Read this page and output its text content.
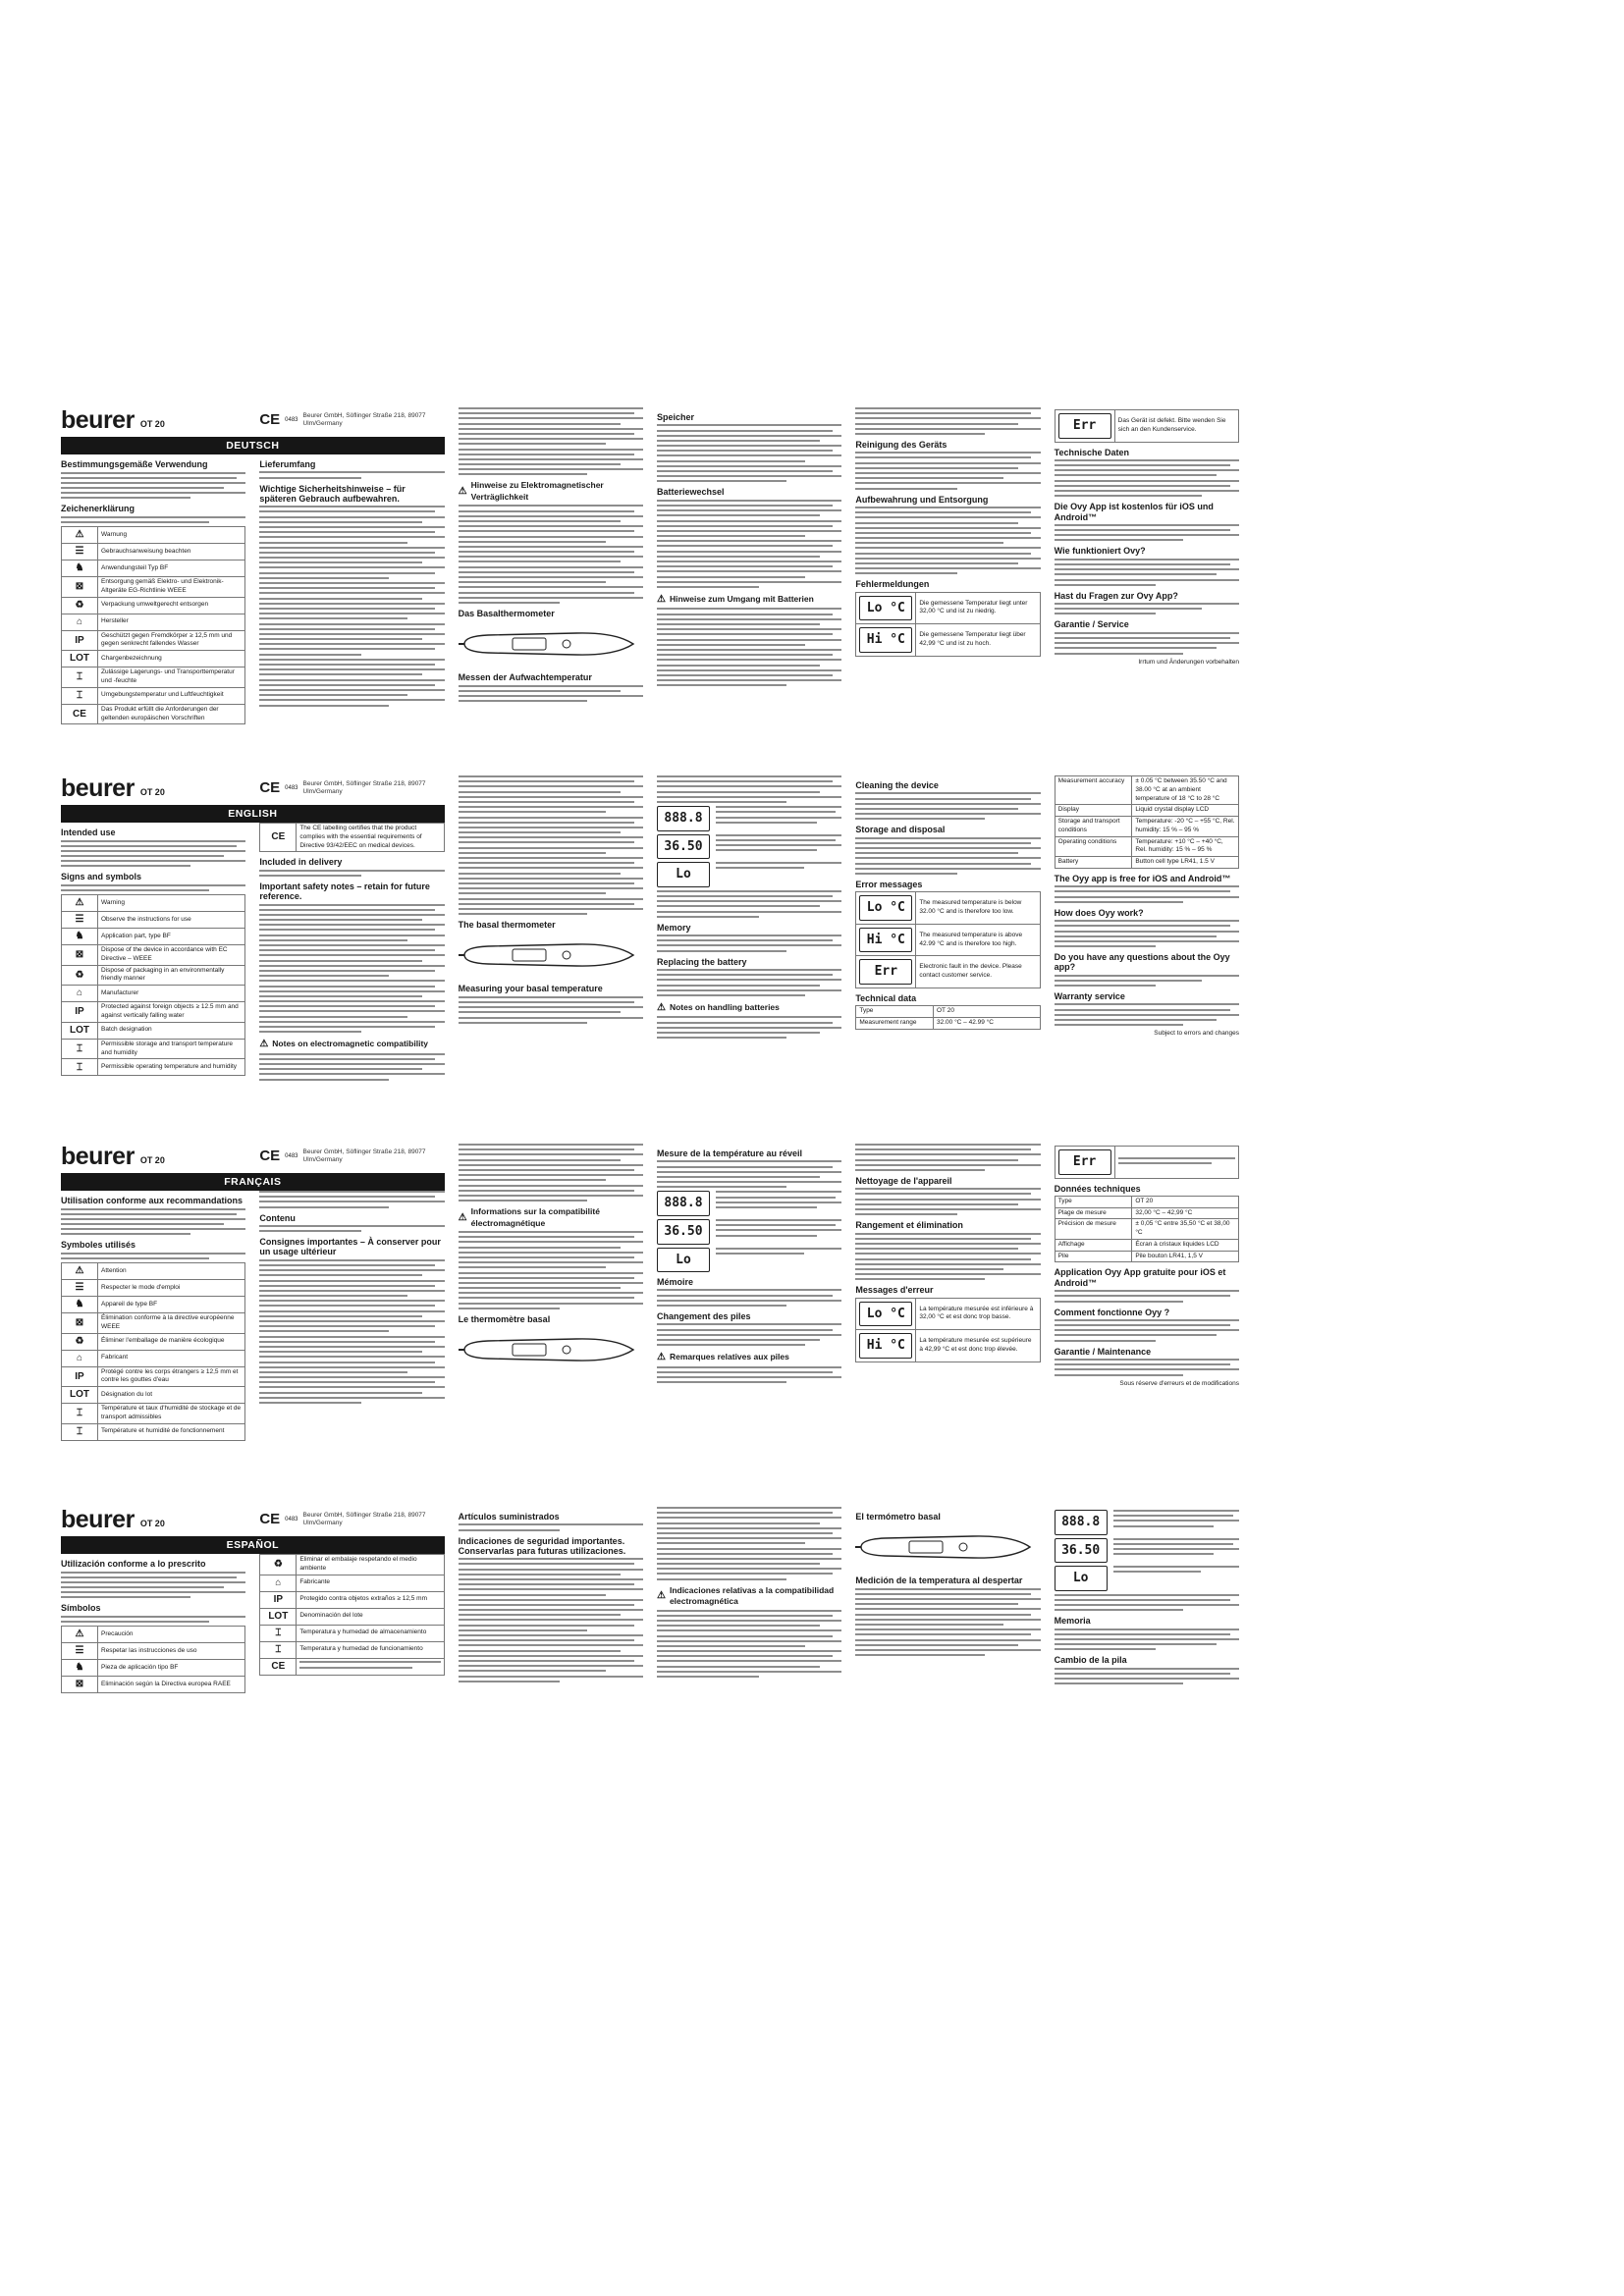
beurer OT 20
DEUTSCH
Bestimmungsgemäße Verwendung
Zeichenerklärung
⚠	Warnung
☰	Gebrauchsanweisung beachten
♞	Anwendungsteil Typ BF
⊠	Entsorgung gemäß Elektro- und Elektronik-Altgeräte EG-Richtlinie WEEE
♻	Verpackung umweltgerecht entsorgen
⌂	Hersteller
IP	Geschützt gegen Fremdkörper ≥ 12,5 mm und gegen senkrecht fallendes Wasser
LOT	Chargenbezeichnung
⌶	Zulässige Lagerungs- und Transporttemperatur und -feuchte
⌶	Umgebungstemperatur und Luftfeuchtigkeit
CE	Das Produkt erfüllt die Anforderungen der geltenden europäischen Vorschriften
CE 0483
Beurer GmbH, Söflinger Straße 218, 89077 Ulm/Germany
Lieferumfang
Wichtige Sicherheitshinweise – für späteren Gebrauch aufbewahren.
⚠
Hinweise zu Elektromagnetischer Verträglichkeit
Das Basalthermometer
Messen der Aufwachtemperatur
Speicher
Batteriewechsel
⚠ Hinweise zum Umgang mit Batterien
Reinigung des Geräts
Aufbewahrung und Entsorgung
Fehlermeldungen
Lo °C	Die gemessene Temperatur liegt unter 32,00 °C und ist zu niedrig.
Hi °C	Die gemessene Temperatur liegt über 42,99 °C und ist zu hoch.
Err	Das Gerät ist defekt. Bitte wenden Sie sich an den Kundenservice.
Technische Daten
Die Ovy App ist kostenlos für iOS und Android™
Wie funktioniert Ovy?
Hast du Fragen zur Ovy App?
Garantie / Service
Irrtum und Änderungen vorbehalten
beurer OT 20
ENGLISH
Intended use
Signs and symbols
⚠	Warning
☰	Observe the instructions for use
♞	Application part, type BF
⊠	Dispose of the device in accordance with EC Directive – WEEE
♻	Dispose of packaging in an environmentally friendly manner
⌂	Manufacturer
IP	Protected against foreign objects ≥ 12.5 mm and against vertically falling water
LOT	Batch designation
⌶	Permissible storage and transport temperature and humidity
⌶	Permissible operating temperature and humidity
CE 0483
Beurer GmbH, Söflinger Straße 218, 89077 Ulm/Germany
CE	The CE labelling certifies that the product complies with the essential requirements of Directive 93/42/EEC on medical devices.
Included in delivery
Important safety notes – retain for future reference.
⚠ Notes on electromagnetic compatibility
The basal thermometer
Measuring your basal temperature
888.8
36.50
Lo
Memory
Replacing the battery
⚠ Notes on handling batteries
Cleaning the device
Storage and disposal
Error messages
Lo °C	The measured temperature is below 32.00 °C and is therefore too low.
Hi °C	The measured temperature is above 42.99 °C and is therefore too high.
Err	Electronic fault in the device. Please contact customer service.
Technical data
Type	OT 20
Measurement range	32.00 °C – 42.99 °C
Measurement accuracy	± 0.05 °C between 35.50 °C and 38.00 °C at an ambient temperature of 18 °C to 28 °C
Display	Liquid crystal display LCD
Storage and transport conditions	Temperature: -20 °C – +55 °C, Rel. humidity: 15 % – 95 %
Operating conditions	Temperature: +10 °C – +40 °C, Rel. humidity: 15 % – 95 %
Battery	Button cell type LR41, 1.5 V
The Oyy app is free for iOS and Android™
How does Oyy work?
Do you have any questions about the Oyy app?
Warranty service
Subject to errors and changes
beurer OT 20
FRANÇAIS
Utilisation conforme aux recommandations
Symboles utilisés
⚠	Attention
☰	Respecter le mode d'emploi
♞	Appareil de type BF
⊠	Élimination conforme à la directive européenne WEEE
♻	Éliminer l'emballage de manière écologique
⌂	Fabricant
IP	Protégé contre les corps étrangers ≥ 12,5 mm et contre les gouttes d'eau
LOT	Désignation du lot
⌶	Température et taux d'humidité de stockage et de transport admissibles
⌶	Température et humidité de fonctionnement
CE 0483
Beurer GmbH, Söflinger Straße 218, 89077 Ulm/Germany
Contenu
Consignes importantes – À conserver pour un usage ultérieur
⚠
Informations sur la compatibilité électromagnétique
Le thermomètre basal
Mesure de la température au réveil
888.8
36.50
Lo
Mémoire
Changement des piles
⚠ Remarques relatives aux piles
Nettoyage de l'appareil
Rangement et élimination
Messages d'erreur
Lo °C	La température mesurée est inférieure à 32,00 °C et est donc trop basse.
Hi °C	La température mesurée est supérieure à 42,99 °C et est donc trop élevée.
Err	
Données techniques
Type	OT 20
Plage de mesure	32,00 °C – 42,99 °C
Précision de mesure	± 0,05 °C entre 35,50 °C et 38,00 °C
Affichage	Écran à cristaux liquides LCD
Pile	Pile bouton LR41, 1,5 V
Application Oyy App gratuite pour iOS et Android™
Comment fonctionne Oyy ?
Garantie / Maintenance
Sous réserve d'erreurs et de modifications
beurer OT 20
ESPAÑOL
Utilización conforme a lo prescrito
Símbolos
⚠	Precaución
☰	Respetar las instrucciones de uso
♞	Pieza de aplicación tipo BF
⊠	Eliminación según la Directiva europea RAEE
CE 0483
Beurer GmbH, Söflinger Straße 218, 89077 Ulm/Germany
♻	Eliminar el embalaje respetando el medio ambiente
⌂	Fabricante
IP	Protegido contra objetos extraños ≥ 12,5 mm
LOT	Denominación del lote
⌶	Temperatura y humedad de almacenamiento
⌶	Temperatura y humedad de funcionamiento
CE	
Artículos suministrados
Indicaciones de seguridad importantes. Conservarlas para futuras utilizaciones.
⚠
Indicaciones relativas a la compatibilidad electromagnética
El termómetro basal
Medición de la temperatura al despertar
888.8
36.50
Lo
Memoria
Cambio de la pila
